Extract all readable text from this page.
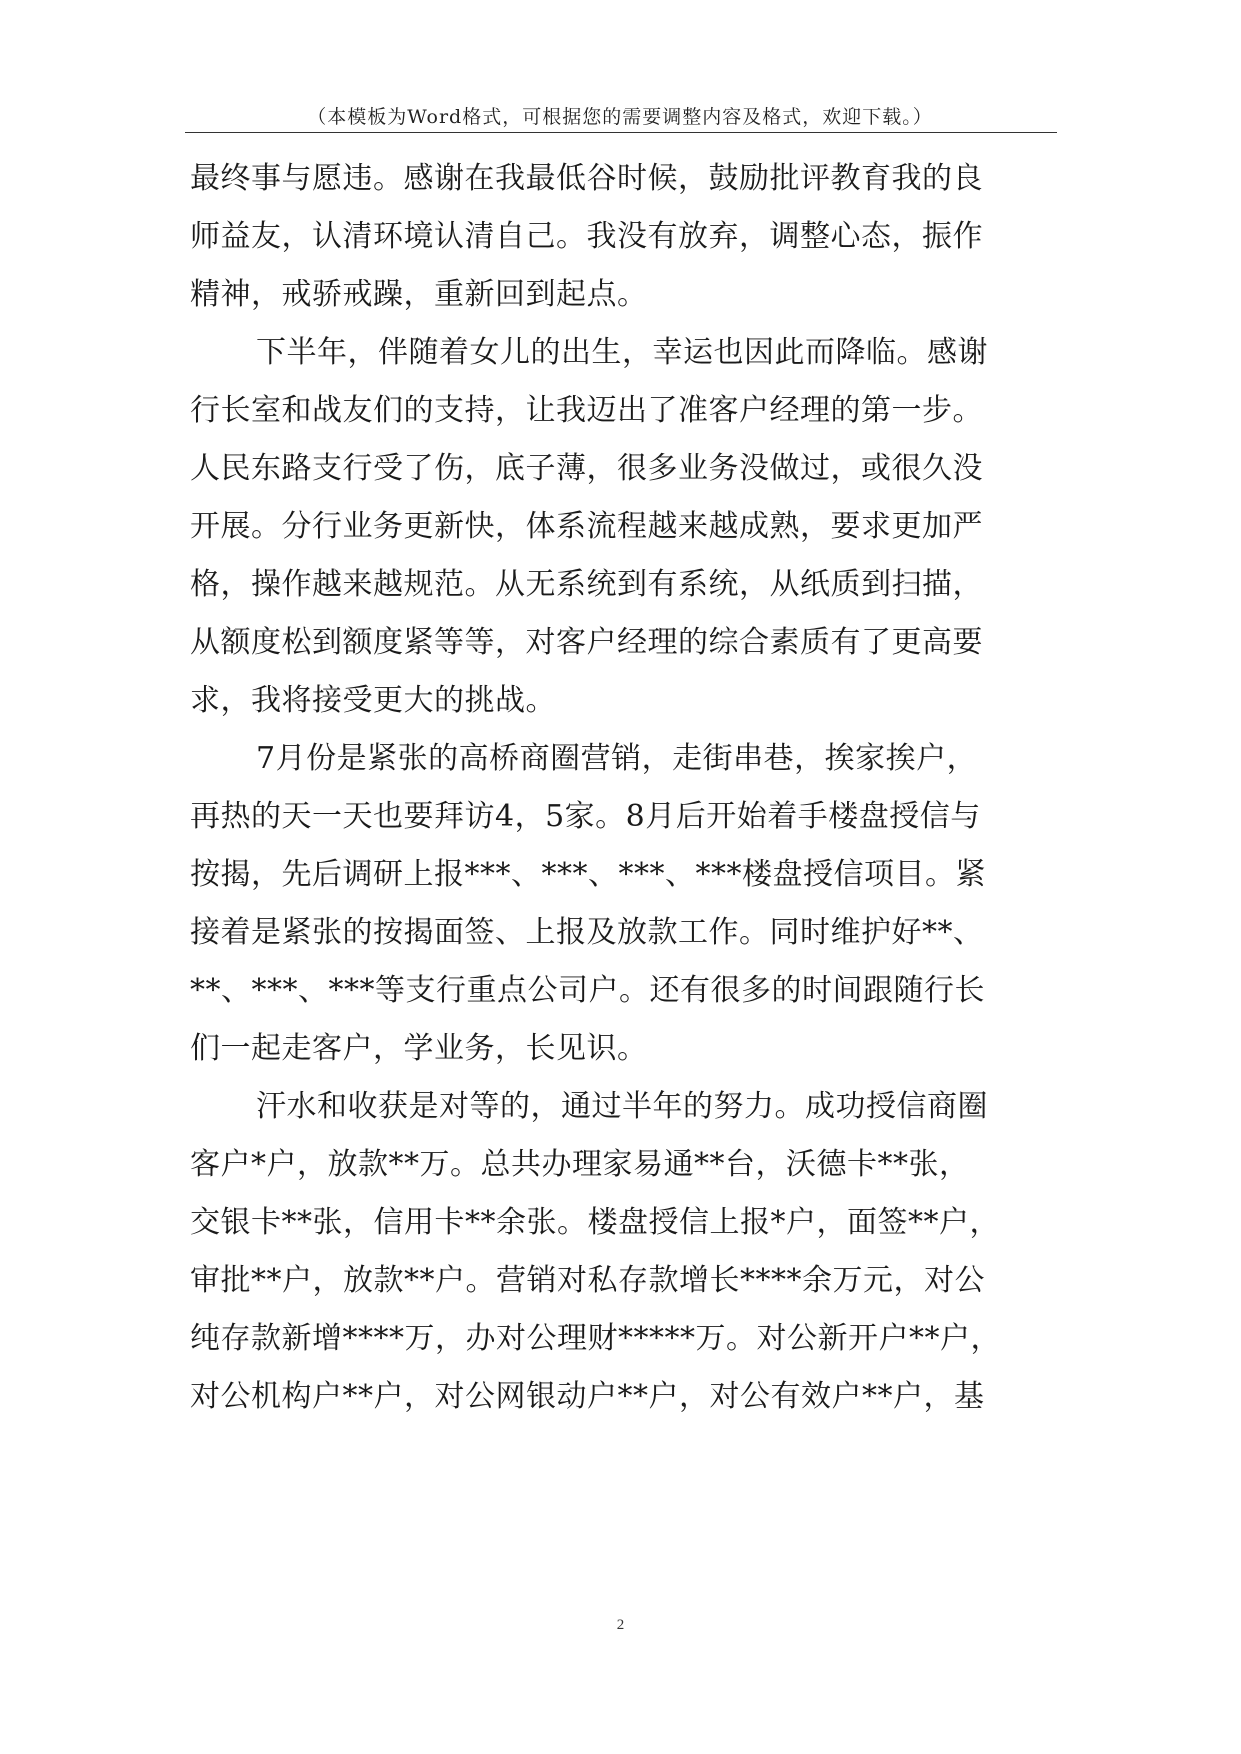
（本模板为Word格式，可根据您的需要调整内容及格式，欢迎下载。）
最终事与愿违。感谢在我最低谷时候，鼓励批评教育我的良
师益友，认清环境认清自己。我没有放弃，调整心态，振作
精神，戒骄戒躁，重新回到起点。
下半年，伴随着女儿的出生，幸运也因此而降临。感谢
行长室和战友们的支持，让我迈出了准客户经理的第一步。
人民东路支行受了伤，底子薄，很多业务没做过，或很久没
开展。分行业务更新快，体系流程越来越成熟，要求更加严
格，操作越来越规范。从无系统到有系统，从纸质到扫描，
从额度松到额度紧等等，对客户经理的综合素质有了更高要
求，我将接受更大的挑战。
7月份是紧张的高桥商圈营销，走街串巷，挨家挨户，
再热的天一天也要拜访4，5家。8月后开始着手楼盘授信与
按揭，先后调研上报***、***、***、***楼盘授信项目。紧
接着是紧张的按揭面签、上报及放款工作。同时维护好**、
**、***、***等支行重点公司户。还有很多的时间跟随行长
们一起走客户，学业务，长见识。
汗水和收获是对等的，通过半年的努力。成功授信商圈
客户*户，放款**万。总共办理家易通**台，沃德卡**张，
交银卡**张，信用卡**余张。楼盘授信上报*户，面签**户，
审批**户，放款**户。营销对私存款增长****余万元，对公
纯存款新增****万，办对公理财*****万。对公新开户**户，
对公机构户**户，对公网银动户**户，对公有效户**户，基
2
